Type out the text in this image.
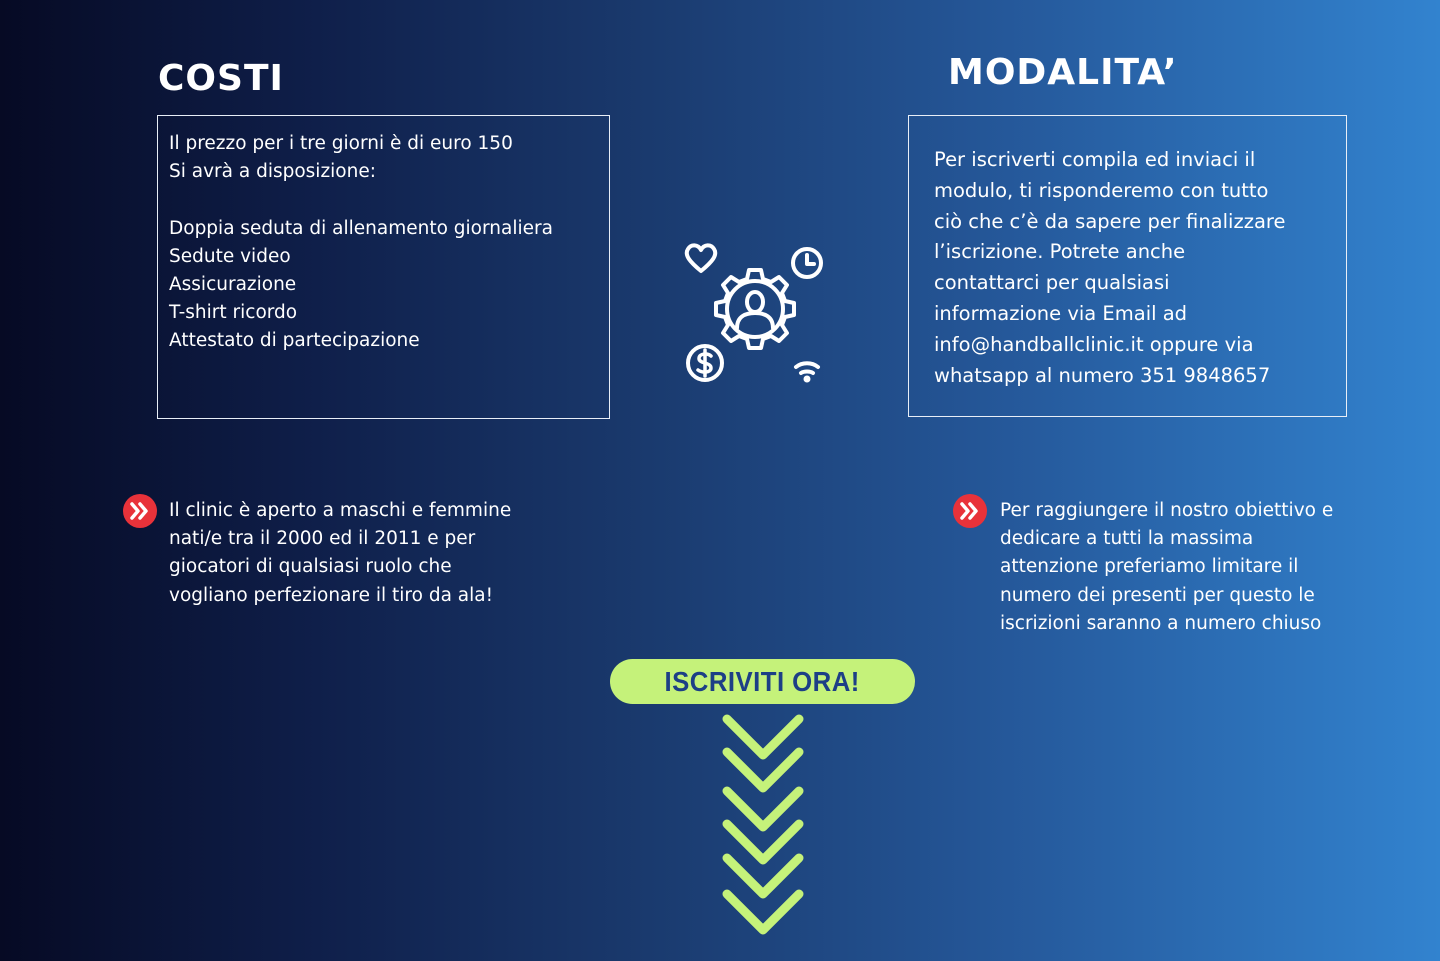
COSTI	MODALITA’
Il prezzo per i tre giorni è di euro 150
Si avrà a disposizione:
Doppia seduta di allenamento giornaliera
Sedute video
Assicurazione
T-shirt ricordo
Attestato di partecipazione
Per iscriverti compila ed inviaci il
modulo, ti risponderemo con tutto
ciò che c’è da sapere per finalizzare
l’iscrizione. Potrete anche
contattarci per qualsiasi
informazione via Email ad
info@handballclinic.it oppure via
whatsapp al numero 351 9848657
Il clinic è aperto a maschi e femmine
nati/e tra il 2000 ed il 2011 e per
giocatori di qualsiasi ruolo che
vogliano perfezionare il tiro da ala!
Per raggiungere il nostro obiettivo e
dedicare a tutti la massima
attenzione preferiamo limitare il
numero dei presenti per questo le
iscrizioni saranno a numero chiuso
ISCRIVITI ORA!
